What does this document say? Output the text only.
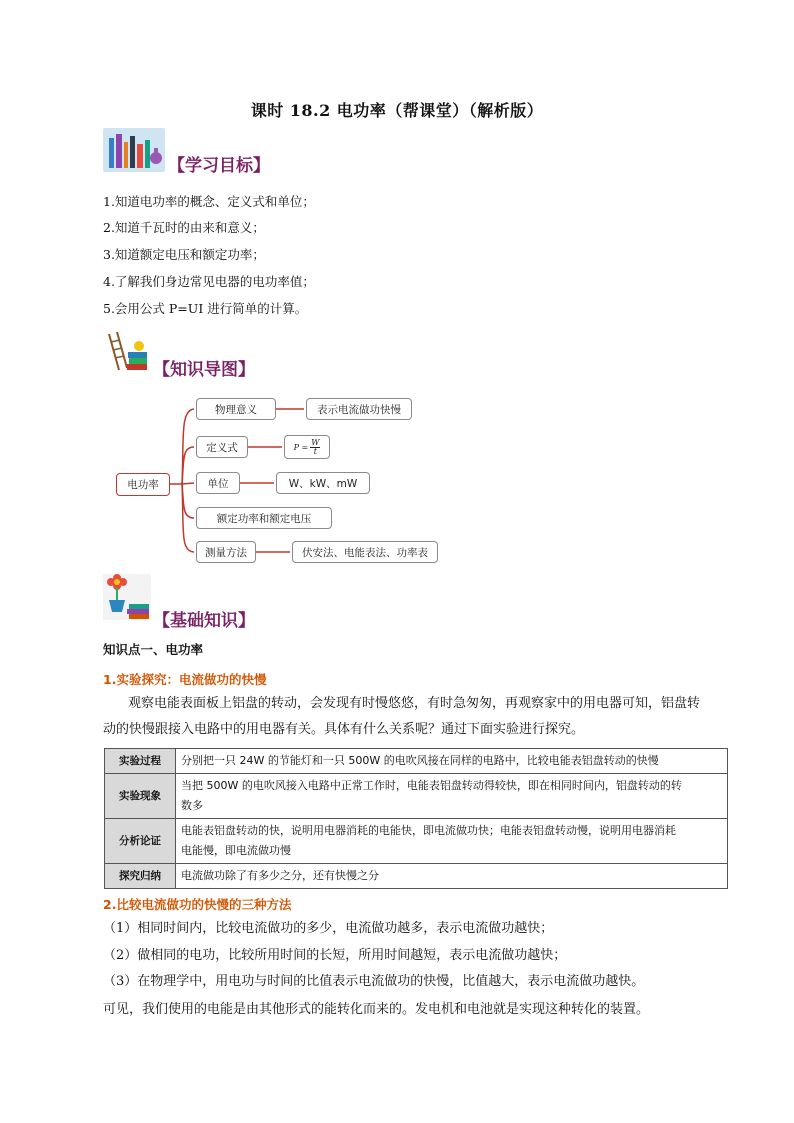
课时 18.2 电功率（帮课堂）（解析版）
【学习目标】
1.知道电功率的概念、定义式和单位；
2.知道千瓦时的由来和意义；
3.知道额定电压和额定功率；
4.了解我们身边常见电器的电功率值；
5.会用公式 P=UI 进行简单的计算。
【知识导图】
电功率
物理意义	表示电流做功快慢
定义式	$P = \frac{W}{t}$
单位	W、kW、mW
额定功率和额定电压
测量方法	伏安法、电能表法、功率表
【基础知识】
知识点一、电功率
1.实验探究：电流做功的快慢
观察电能表面板上铝盘的转动，会发现有时慢悠悠，有时急匆匆，再观察家中的用电器可知，铝盘转
动的快慢跟接入电路中的用电器有关。具体有什么关系呢？通过下面实验进行探究。
实验过程	分别把一只 24W 的节能灯和一只 500W 的电吹风接在同样的电路中，比较电能表铝盘转动的快慢
实验现象	当把 500W 的电吹风接入电路中正常工作时，电能表铝盘转动得较快，即在相同时间内，铝盘转动的转
数多
分析论证	电能表铝盘转动的快，说明用电器消耗的电能快，即电流做功快；电能表铝盘转动慢，说明用电器消耗
电能慢，即电流做功慢
探究归纳	电流做功除了有多少之分，还有快慢之分
2.比较电流做功的快慢的三种方法
（1）相同时间内，比较电流做功的多少，电流做功越多，表示电流做功越快；
（2）做相同的电功，比较所用时间的长短，所用时间越短，表示电流做功越快；
（3）在物理学中，用电功与时间的比值表示电流做功的快慢，比值越大，表示电流做功越快。
可见，我们使用的电能是由其他形式的能转化而来的。发电机和电池就是实现这种转化的装置。
